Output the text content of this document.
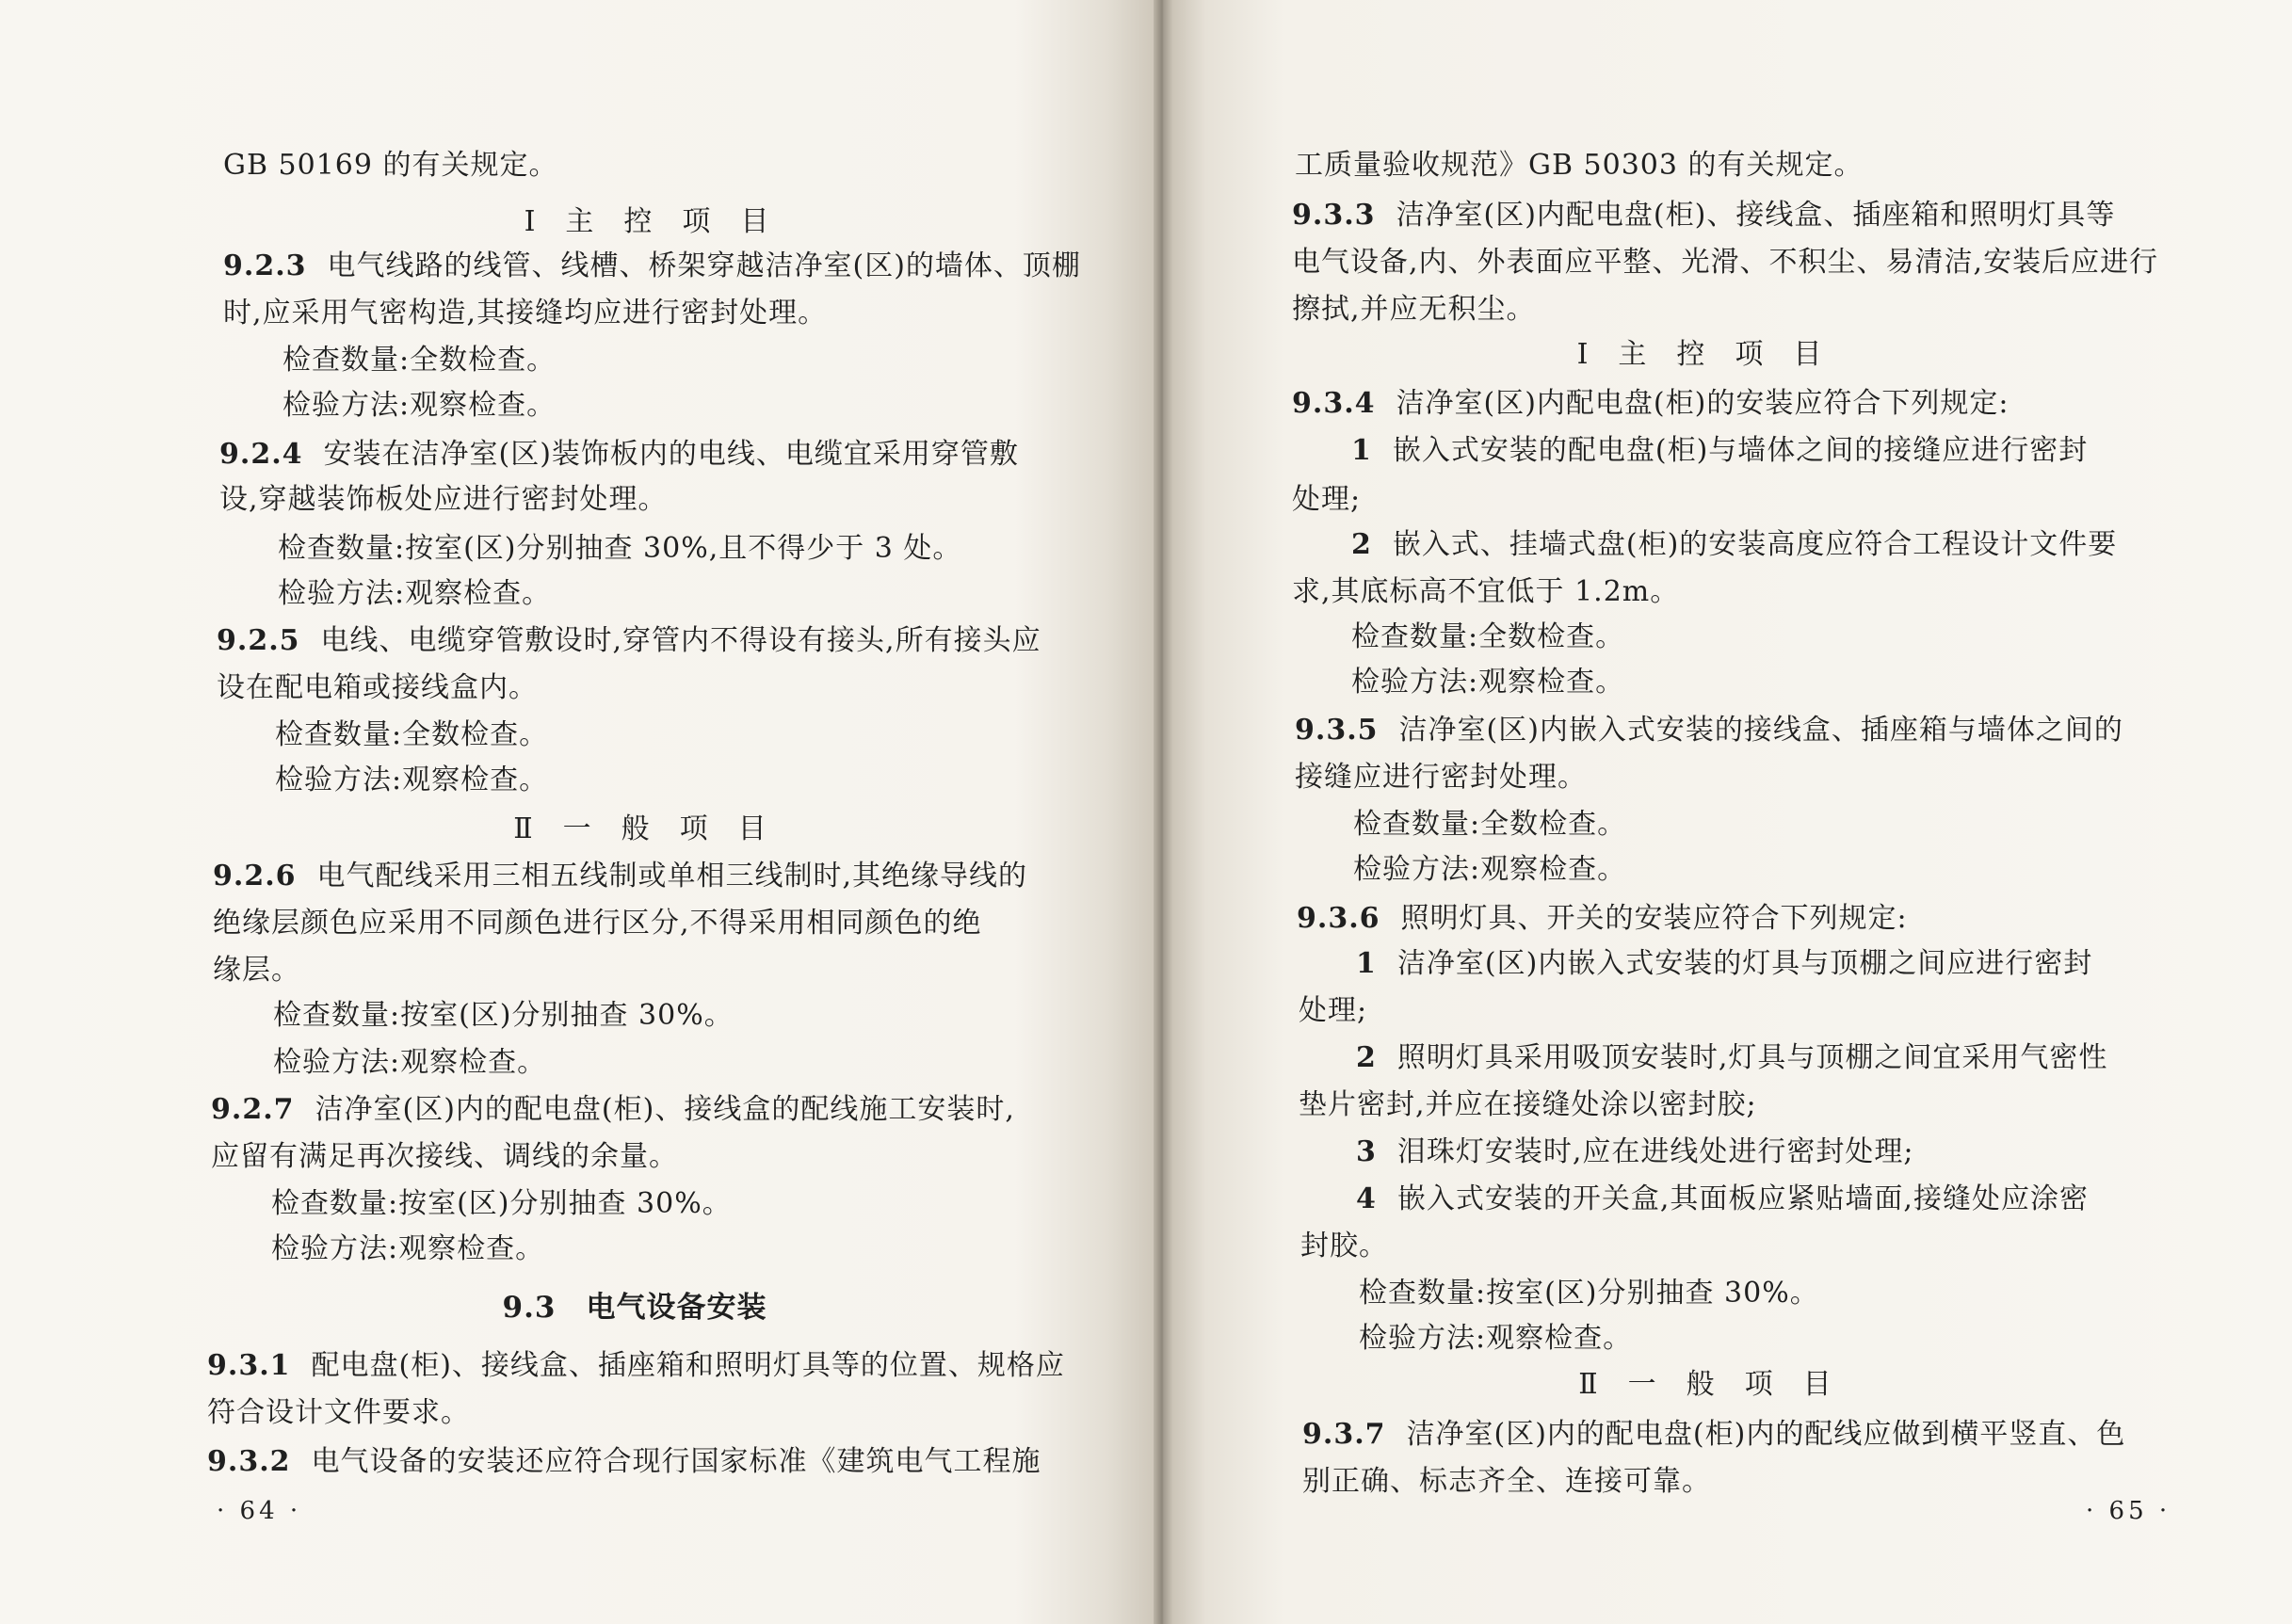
GB 50169 的有关规定。
Ⅰ　主　控　项　目
9.2.3 电气线路的线管、线槽、桥架穿越洁净室(区)的墙体、顶棚
时,应采用气密构造,其接缝均应进行密封处理。
检查数量:全数检查。
检验方法:观察检查。
9.2.4 安装在洁净室(区)装饰板内的电线、电缆宜采用穿管敷
设,穿越装饰板处应进行密封处理。
检查数量:按室(区)分别抽查 30%,且不得少于 3 处。
检验方法:观察检查。
9.2.5 电线、电缆穿管敷设时,穿管内不得设有接头,所有接头应
设在配电箱或接线盒内。
检查数量:全数检查。
检验方法:观察检查。
Ⅱ　一　般　项　目
9.2.6 电气配线采用三相五线制或单相三线制时,其绝缘导线的
绝缘层颜色应采用不同颜色进行区分,不得采用相同颜色的绝
缘层。
检查数量:按室(区)分别抽查 30%。
检验方法:观察检查。
9.2.7 洁净室(区)内的配电盘(柜)、接线盒的配线施工安装时,
应留有满足再次接线、调线的余量。
检查数量:按室(区)分别抽查 30%。
检验方法:观察检查。
9.3　电气设备安装
9.3.1 配电盘(柜)、接线盒、插座箱和照明灯具等的位置、规格应
符合设计文件要求。
9.3.2 电气设备的安装还应符合现行国家标准《建筑电气工程施
· 64 ·
工质量验收规范》GB 50303 的有关规定。
9.3.3 洁净室(区)内配电盘(柜)、接线盒、插座箱和照明灯具等
电气设备,内、外表面应平整、光滑、不积尘、易清洁,安装后应进行
擦拭,并应无积尘。
Ⅰ　主　控　项　目
9.3.4 洁净室(区)内配电盘(柜)的安装应符合下列规定:
1 嵌入式安装的配电盘(柜)与墙体之间的接缝应进行密封
处理;
2 嵌入式、挂墙式盘(柜)的安装高度应符合工程设计文件要
求,其底标高不宜低于 1.2m。
检查数量:全数检查。
检验方法:观察检查。
9.3.5 洁净室(区)内嵌入式安装的接线盒、插座箱与墙体之间的
接缝应进行密封处理。
检查数量:全数检查。
检验方法:观察检查。
9.3.6 照明灯具、开关的安装应符合下列规定:
1 洁净室(区)内嵌入式安装的灯具与顶棚之间应进行密封
处理;
2 照明灯具采用吸顶安装时,灯具与顶棚之间宜采用气密性
垫片密封,并应在接缝处涂以密封胶;
3 泪珠灯安装时,应在进线处进行密封处理;
4 嵌入式安装的开关盒,其面板应紧贴墙面,接缝处应涂密
封胶。
检查数量:按室(区)分别抽查 30%。
检验方法:观察检查。
Ⅱ　一　般　项　目
9.3.7 洁净室(区)内的配电盘(柜)内的配线应做到横平竖直、色
别正确、标志齐全、连接可靠。
· 65 ·
